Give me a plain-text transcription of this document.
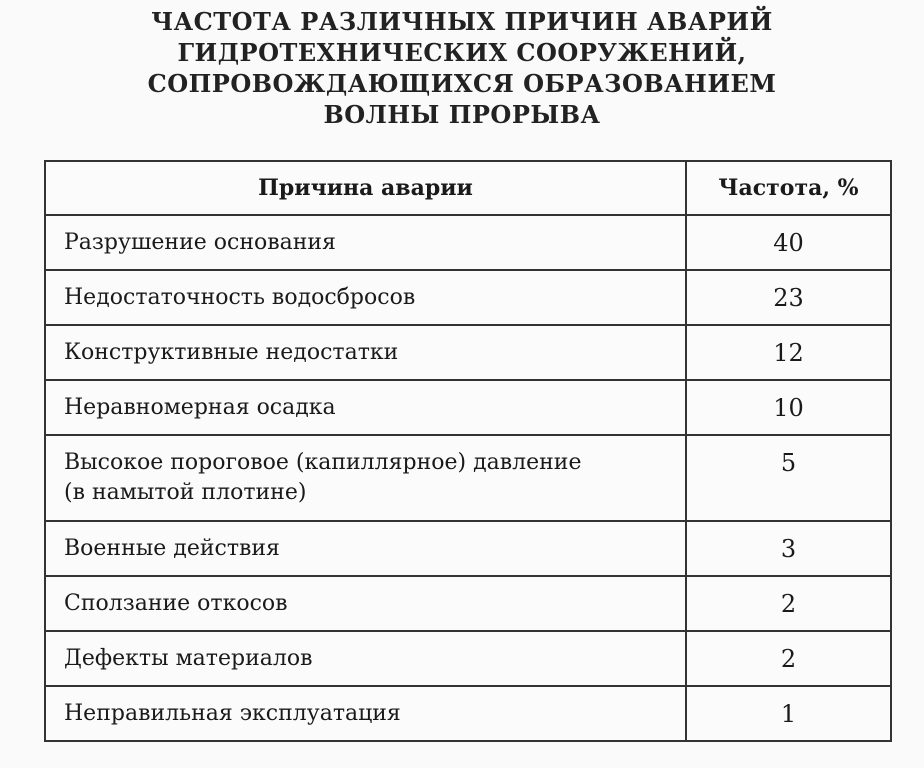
ЧАСТОТА РАЗЛИЧНЫХ ПРИЧИН АВАРИЙ
ГИДРОТЕХНИЧЕСКИХ СООРУЖЕНИЙ,
СОПРОВОЖДАЮЩИХСЯ ОБРАЗОВАНИЕМ
ВОЛНЫ ПРОРЫВА
Причина аварии	Частота, %
Разрушение основания	40
Недостаточность водосбросов	23
Конструктивные недостатки	12
Неравномерная осадка	10

Высокое пороговое (капиллярное) давление
(в намытой плотине)	5
Военные действия	3
Сползание откосов	2
Дефекты материалов	2
Неправильная эксплуатация	1
